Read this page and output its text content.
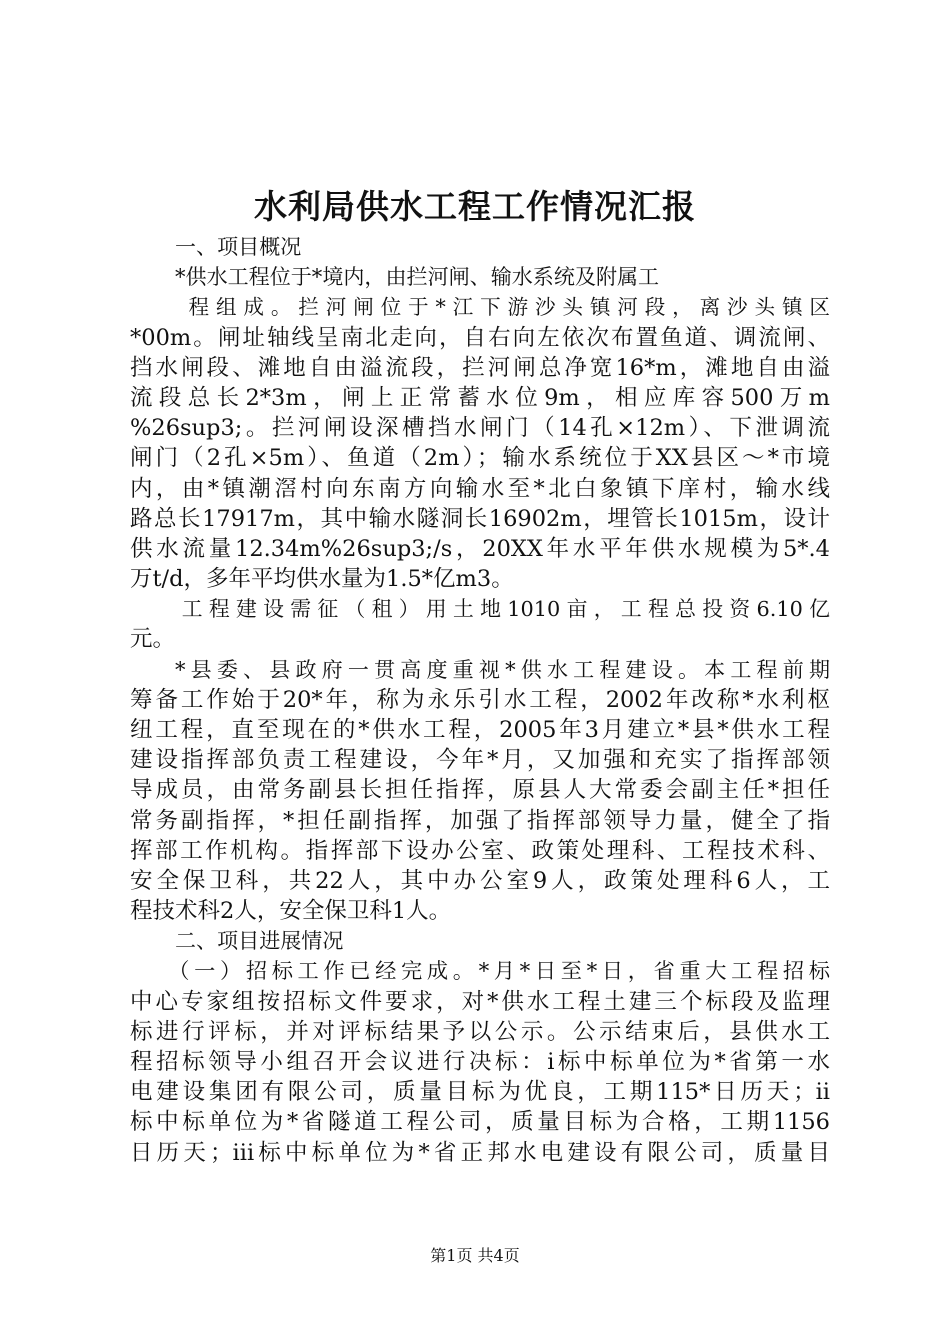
水利局供水工程工作情况汇报
一、项目概况
*供水工程位于*境内，由拦河闸、输水系统及附属工
程组成。拦河闸位于*江下游沙头镇河段，离沙头镇区
*00m。闸址轴线呈南北走向，自右向左依次布置鱼道、调流闸、
挡水闸段、滩地自由溢流段，拦河闸总净宽16*m，滩地自由溢
流段总长2*3m，闸上正常蓄水位9m，相应库容500万m
%26sup3;。拦河闸设深槽挡水闸门（14孔×12m）、下泄调流
闸门（2孔×5m）、鱼道（2m）；输水系统位于XX县区～*市境
内，由*镇潮滘村向东南方向输水至*北白象镇下庠村，输水线
路总长17917m，其中输水隧洞长16902m，埋管长1015m，设计
供水流量12.34m%26sup3;/s，20XX年水平年供水规模为5*.4
万t/d，多年平均供水量为1.5*亿m3。
工程建设需征（租）用土地1010亩，工程总投资6.10亿
元。
*县委、县政府一贯高度重视*供水工程建设。本工程前期
筹备工作始于20*年，称为永乐引水工程，2002年改称*水利枢
纽工程，直至现在的*供水工程，2005年3月建立*县*供水工程
建设指挥部负责工程建设，今年*月，又加强和充实了指挥部领
导成员，由常务副县长担任指挥，原县人大常委会副主任*担任
常务副指挥，*担任副指挥，加强了指挥部领导力量，健全了指
挥部工作机构。指挥部下设办公室、政策处理科、工程技术科、
安全保卫科，共22人，其中办公室9人，政策处理科6人，工
程技术科2人，安全保卫科1人。
二、项目进展情况
（一）招标工作已经完成。*月*日至*日，省重大工程招标
中心专家组按招标文件要求，对*供水工程土建三个标段及监理
标进行评标，并对评标结果予以公示。公示结束后，县供水工
程招标领导小组召开会议进行决标：i标中标单位为*省第一水
电建设集团有限公司，质量目标为优良，工期115*日历天；ii
标中标单位为*省隧道工程公司，质量目标为合格，工期1156
日历天；iii标中标单位为*省正邦水电建设有限公司，质量目
第1页 共4页
